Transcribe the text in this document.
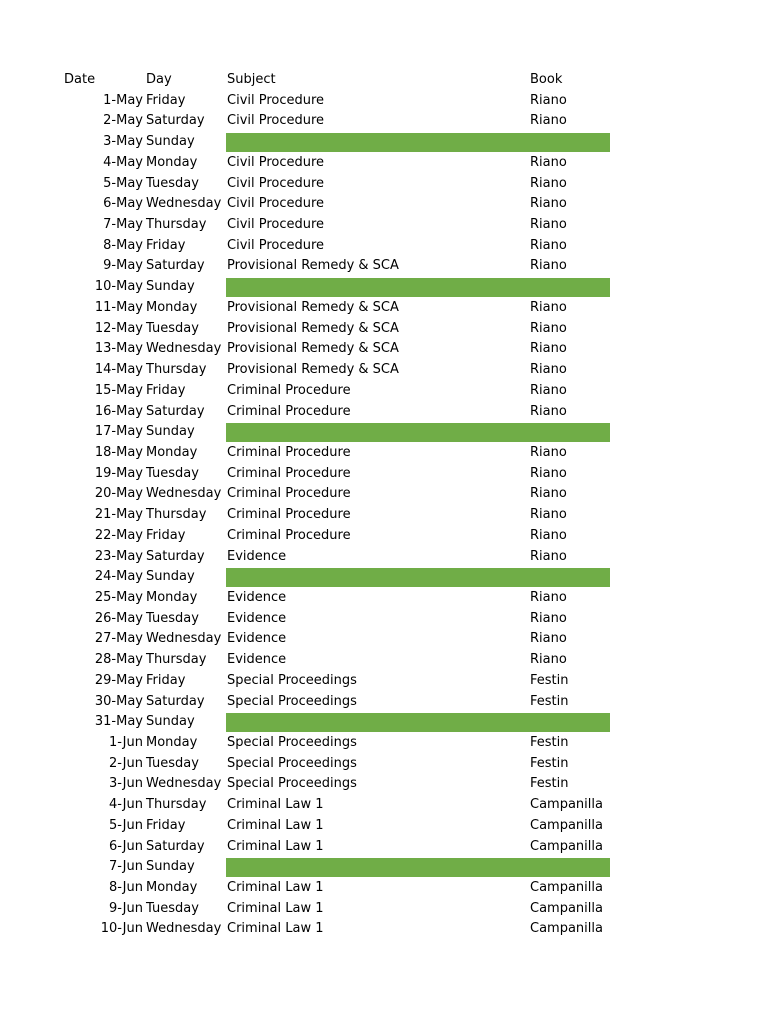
Date	Day	Subject	Book
1-May Friday	Civil Procedure	Riano
2-May Saturday	Civil Procedure	Riano
3-May Sunday
4-May Monday	Civil Procedure	Riano
5-May Tuesday	Civil Procedure	Riano
6-May Wednesday Civil Procedure	Riano
7-May Thursday	Civil Procedure	Riano
8-May Friday	Civil Procedure	Riano
9-May Saturday	Provisional Remedy & SCA	Riano
10-May Sunday
11-May Monday	Provisional Remedy & SCA	Riano
12-May Tuesday	Provisional Remedy & SCA	Riano
13-May Wednesday Provisional Remedy & SCA	Riano
14-May Thursday	Provisional Remedy & SCA	Riano
15-May Friday	Criminal Procedure	Riano
16-May Saturday	Criminal Procedure	Riano
17-May Sunday
18-May Monday	Criminal Procedure	Riano
19-May Tuesday	Criminal Procedure	Riano
20-May Wednesday Criminal Procedure	Riano
21-May Thursday	Criminal Procedure	Riano
22-May Friday	Criminal Procedure	Riano
23-May Saturday	Evidence	Riano
24-May Sunday
25-May Monday	Evidence	Riano
26-May Tuesday	Evidence	Riano
27-May Wednesday Evidence	Riano
28-May Thursday	Evidence	Riano
29-May Friday	Special Proceedings	Festin
30-May Saturday	Special Proceedings	Festin
31-May Sunday
1-Jun Monday	Special Proceedings	Festin
2-Jun Tuesday	Special Proceedings	Festin
3-Jun Wednesday Special Proceedings	Festin
4-Jun Thursday	Criminal Law 1	Campanilla
5-Jun Friday	Criminal Law 1	Campanilla
6-Jun Saturday	Criminal Law 1	Campanilla
7-Jun Sunday
8-Jun Monday	Criminal Law 1	Campanilla
9-Jun Tuesday	Criminal Law 1	Campanilla
10-Jun Wednesday Criminal Law 1	Campanilla
